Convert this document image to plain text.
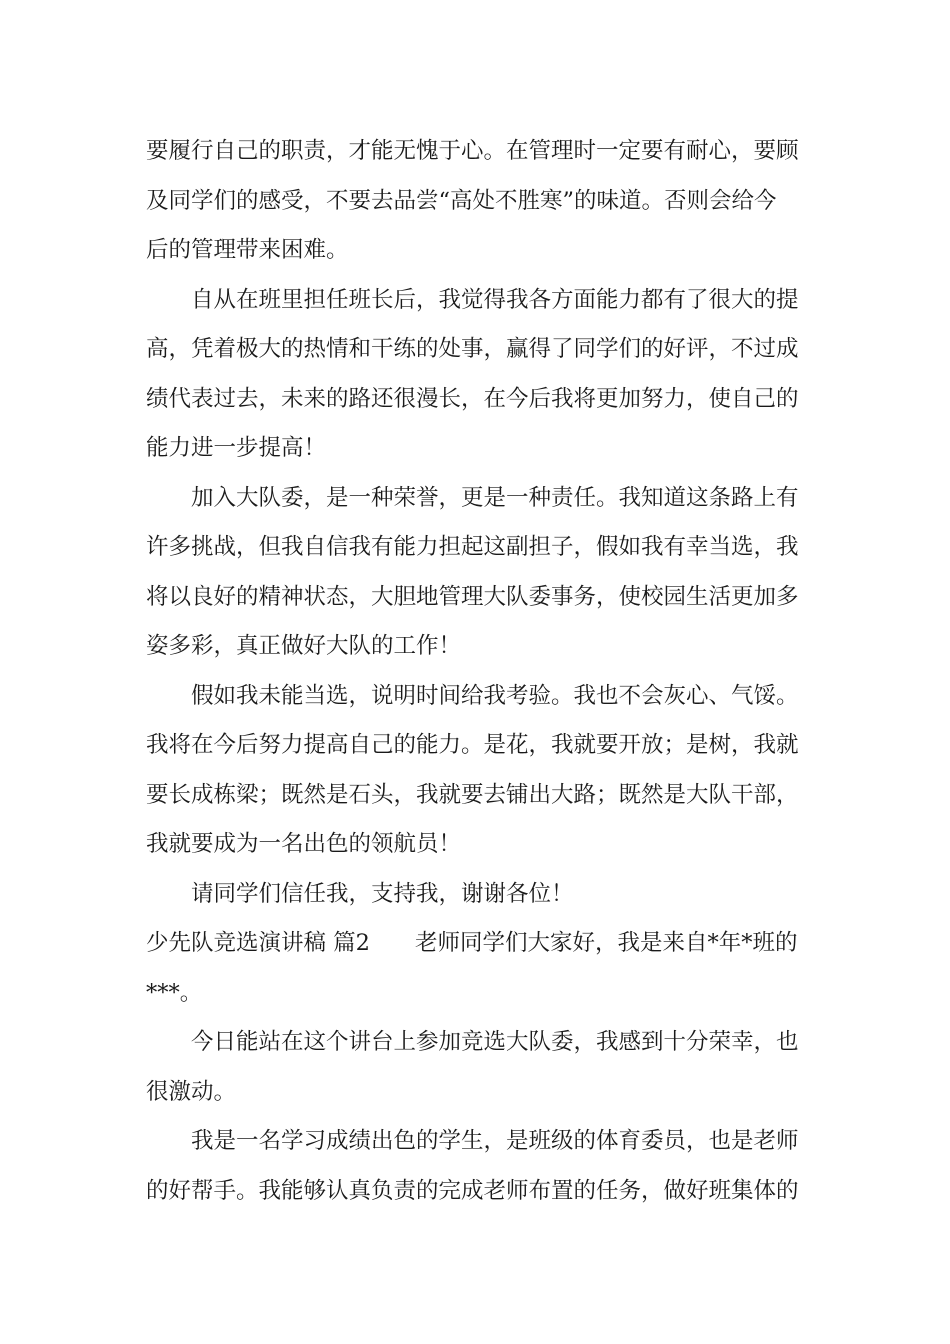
要履行自己的职责，才能无愧于心。在管理时一定要有耐心，要顾
及同学们的感受，不要去品尝“高处不胜寒”的味道。否则会给今
后的管理带来困难。
自从在班里担任班长后，我觉得我各方面能力都有了很大的提
高，凭着极大的热情和干练的处事，赢得了同学们的好评，不过成
绩代表过去，未来的路还很漫长，在今后我将更加努力，使自己的
能力进一步提高！
加入大队委，是一种荣誉，更是一种责任。我知道这条路上有
许多挑战，但我自信我有能力担起这副担子，假如我有幸当选，我
将以良好的精神状态，大胆地管理大队委事务，使校园生活更加多
姿多彩，真正做好大队的工作！
假如我未能当选，说明时间给我考验。我也不会灰心、气馁。
我将在今后努力提高自己的能力。是花，我就要开放；是树，我就
要长成栋梁；既然是石头，我就要去铺出大路；既然是大队干部，
我就要成为一名出色的领航员！
请同学们信任我，支持我，谢谢各位！
少先队竞选演讲稿 篇2 老师同学们大家好，我是来自*年*班的
***。
今日能站在这个讲台上参加竞选大队委，我感到十分荣幸，也
很激动。
我是一名学习成绩出色的学生，是班级的体育委员，也是老师
的好帮手。我能够认真负责的完成老师布置的任务，做好班集体的
